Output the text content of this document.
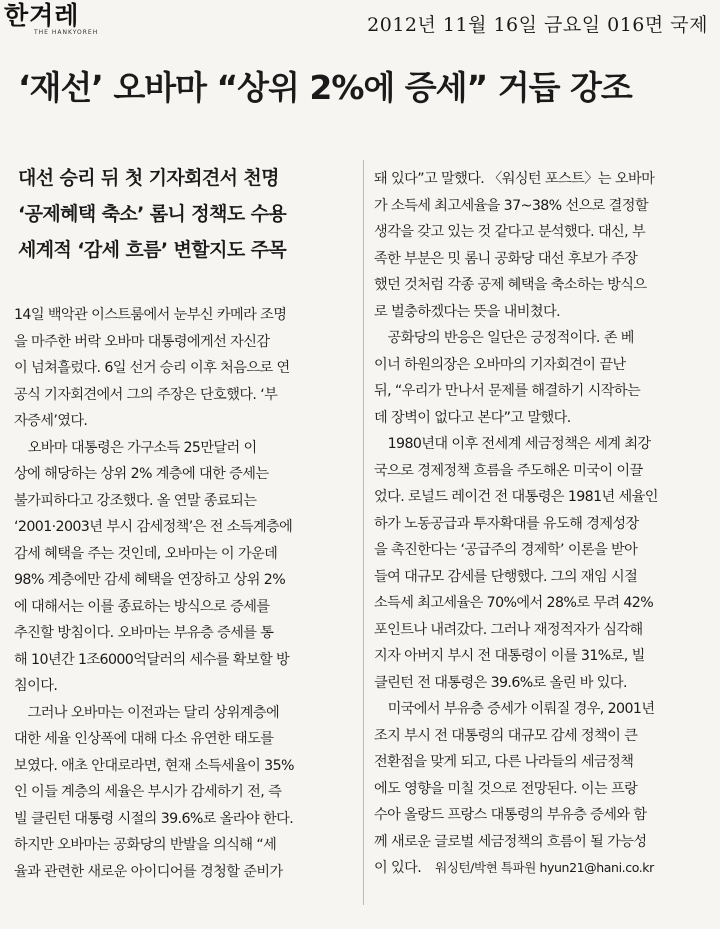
한겨레
THE HANKYOREH	2012년 11월 16일 금요일 016면 국제
‘재선’ 오바마 “상위 2%에 증세” 거듭 강조
대선 승리 뒤 첫 기자회견서 천명
‘공제혜택 축소’ 롬니 정책도 수용
세계적 ‘감세 흐름’ 변할지도 주목
14일 백악관 이스트룸에서 눈부신 카메라 조명
을 마주한 버락 오바마 대통령에게선 자신감
이 넘쳐흘렀다. 6일 선거 승리 이후 처음으로 연
공식 기자회견에서 그의 주장은 단호했다. ‘부
자증세’였다.
　오바마 대통령은 가구소득 25만달러 이
상에 해당하는 상위 2% 계층에 대한 증세는
불가피하다고 강조했다. 올 연말 종료되는
‘2001·2003년 부시 감세정책’은 전 소득계층에
감세 혜택을 주는 것인데, 오바마는 이 가운데
98% 계층에만 감세 혜택을 연장하고 상위 2%
에 대해서는 이를 종료하는 방식으로 증세를
추진할 방침이다. 오바마는 부유층 증세를 통
해 10년간 1조6000억달러의 세수를 확보할 방
침이다.
　그러나 오바마는 이전과는 달리 상위계층에
대한 세율 인상폭에 대해 다소 유연한 태도를
보였다. 애초 안대로라면, 현재 소득세율이 35%
인 이들 계층의 세율은 부시가 감세하기 전, 즉
빌 클린턴 대통령 시절의 39.6%로 올라야 한다.
하지만 오바마는 공화당의 반발을 의식해 “세
율과 관련한 새로운 아이디어를 경청할 준비가
돼 있다”고 말했다. 〈워싱턴 포스트〉는 오바마
가 소득세 최고세율을 37~38% 선으로 결정할
생각을 갖고 있는 것 같다고 분석했다. 대신, 부
족한 부분은 밋 롬니 공화당 대선 후보가 주장
했던 것처럼 각종 공제 혜택을 축소하는 방식으
로 벌충하겠다는 뜻을 내비쳤다.
　공화당의 반응은 일단은 긍정적이다. 존 베
이너 하원의장은 오바마의 기자회견이 끝난
뒤, “우리가 만나서 문제를 해결하기 시작하는
데 장벽이 없다고 본다”고 말했다.
　1980년대 이후 전세계 세금정책은 세계 최강
국으로 경제정책 흐름을 주도해온 미국이 이끌
었다. 로널드 레이건 전 대통령은 1981년 세율인
하가 노동공급과 투자확대를 유도해 경제성장
을 촉진한다는 ‘공급주의 경제학’ 이론을 받아
들여 대규모 감세를 단행했다. 그의 재임 시절
소득세 최고세율은 70%에서 28%로 무려 42%
포인트나 내려갔다. 그러나 재정적자가 심각해
지자 아버지 부시 전 대통령이 이를 31%로, 빌
클린턴 전 대통령은 39.6%로 올린 바 있다.
　미국에서 부유층 증세가 이뤄질 경우, 2001년
조지 부시 전 대통령의 대규모 감세 정책이 큰
전환점을 맞게 되고, 다른 나라들의 세금정책
에도 영향을 미칠 것으로 전망된다. 이는 프랑
수아 올랑드 프랑스 대통령의 부유층 증세와 함
께 새로운 글로벌 세금정책의 흐름이 될 가능성
이 있다. 워싱턴/박현 특파원 hyun21@hani.co.kr
